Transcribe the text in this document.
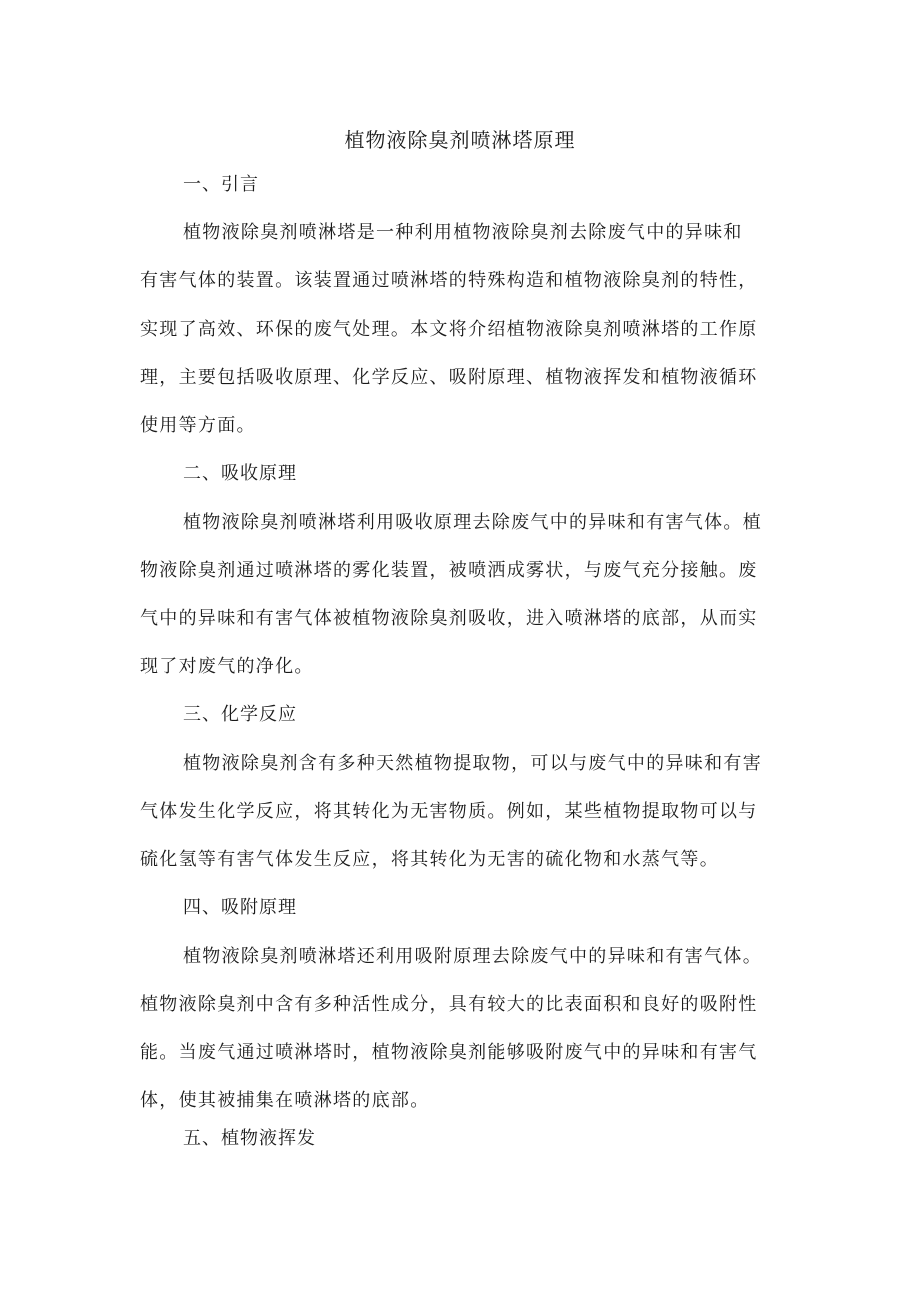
植物液除臭剂喷淋塔原理

一、引言

植物液除臭剂喷淋塔是一种利用植物液除臭剂去除废气中的异味和

有害气体的装置。该装置通过喷淋塔的特殊构造和植物液除臭剂的特性，

实现了高效、环保的废气处理。本文将介绍植物液除臭剂喷淋塔的工作原

理，主要包括吸收原理、化学反应、吸附原理、植物液挥发和植物液循环

使用等方面。

二、吸收原理

植物液除臭剂喷淋塔利用吸收原理去除废气中的异味和有害气体。植

物液除臭剂通过喷淋塔的雾化装置，被喷洒成雾状，与废气充分接触。废

气中的异味和有害气体被植物液除臭剂吸收，进入喷淋塔的底部，从而实

现了对废气的净化。

三、化学反应

植物液除臭剂含有多种天然植物提取物，可以与废气中的异味和有害

气体发生化学反应，将其转化为无害物质。例如，某些植物提取物可以与

硫化氢等有害气体发生反应，将其转化为无害的硫化物和水蒸气等。

四、吸附原理

植物液除臭剂喷淋塔还利用吸附原理去除废气中的异味和有害气体。

植物液除臭剂中含有多种活性成分，具有较大的比表面积和良好的吸附性

能。当废气通过喷淋塔时，植物液除臭剂能够吸附废气中的异味和有害气

体，使其被捕集在喷淋塔的底部。

五、植物液挥发
